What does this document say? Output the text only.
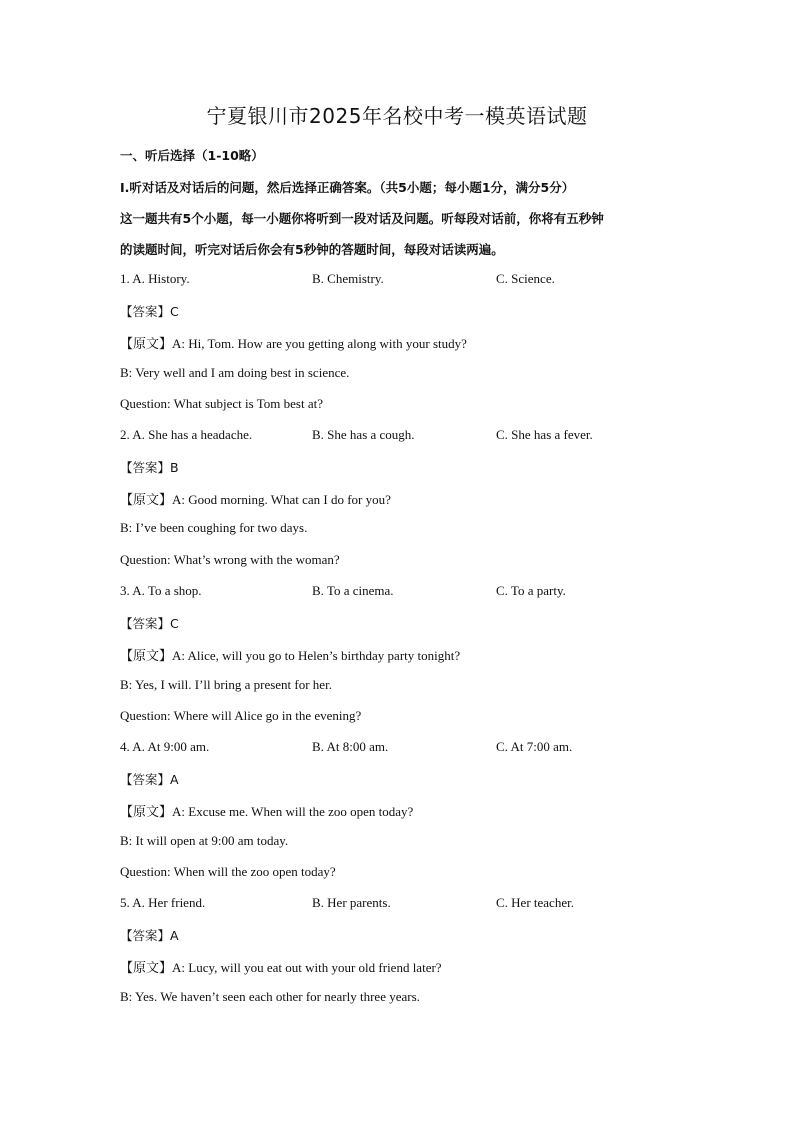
宁夏银川市2025年名校中考一模英语试题
一、听后选择（1-10略）
I.听对话及对话后的问题，然后选择正确答案。（共5小题；每小题1分，满分5分）
这一题共有5个小题，每一小题你将听到一段对话及问题。听每段对话前，你将有五秒钟
的读题时间，听完对话后你会有5秒钟的答题时间，每段对话读两遍。
1. A. History.	B. Chemistry.	C. Science.
【答案】C
【原文】A: Hi, Tom. How are you getting along with your study?
B: Very well and I am doing best in science.
Question: What subject is Tom best at?
2. A. She has a headache.	B. She has a cough.	C. She has a fever.
【答案】B
【原文】A: Good morning. What can I do for you?
B: I’ve been coughing for two days.
Question: What’s wrong with the woman?
3. A. To a shop.	B. To a cinema.	C. To a party.
【答案】C
【原文】A: Alice, will you go to Helen’s birthday party tonight?
B: Yes, I will. I’ll bring a present for her.
Question: Where will Alice go in the evening?
4. A. At 9:00 am.	B. At 8:00 am.	C. At 7:00 am.
【答案】A
【原文】A: Excuse me. When will the zoo open today?
B: It will open at 9:00 am today.
Question: When will the zoo open today?
5. A. Her friend.	B. Her parents.	C. Her teacher.
【答案】A
【原文】A: Lucy, will you eat out with your old friend later?
B: Yes. We haven’t seen each other for nearly three years.
